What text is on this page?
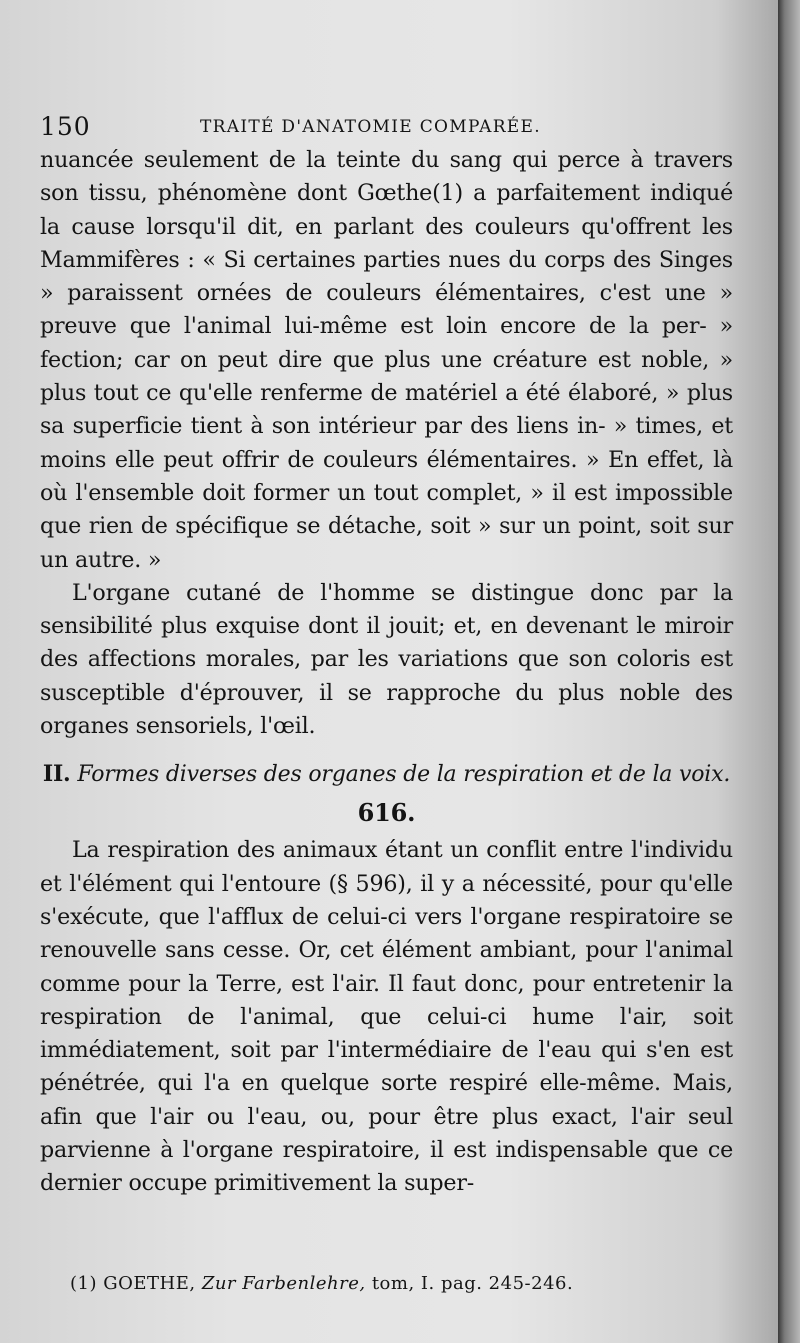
150	TRAITÉ D'ANATOMIE COMPARÉE.

nuancée seulement de la teinte du sang qui perce à travers son tissu, phénomène dont Gœthe(1) a parfaitement indiqué la cause lorsqu'il dit, en parlant des couleurs qu'offrent les Mammifères : « Si certaines parties nues du corps des Singes » paraissent ornées de couleurs élémentaires, c'est une » preuve que l'animal lui-même est loin encore de la per- » fection; car on peut dire que plus une créature est noble, » plus tout ce qu'elle renferme de matériel a été élaboré, » plus sa superficie tient à son intérieur par des liens in- » times, et moins elle peut offrir de couleurs élémentaires. » En effet, là où l'ensemble doit former un tout complet, » il est impossible que rien de spécifique se détache, soit » sur un point, soit sur un autre. »

L'organe cutané de l'homme se distingue donc par la sensibilité plus exquise dont il jouit; et, en devenant le miroir des affections morales, par les variations que son coloris est susceptible d'éprouver, il se rapproche du plus noble des organes sensoriels, l'œil.

II. Formes diverses des organes de la respiration et de la voix.
616.

La respiration des animaux étant un conflit entre l'individu et l'élément qui l'entoure (§ 596), il y a nécessité, pour qu'elle s'exécute, que l'afflux de celui-ci vers l'organe respiratoire se renouvelle sans cesse. Or, cet élément ambiant, pour l'animal comme pour la Terre, est l'air. Il faut donc, pour entretenir la respiration de l'animal, que celui-ci hume l'air, soit immédiatement, soit par l'intermédiaire de l'eau qui s'en est pénétrée, qui l'a en quelque sorte respiré elle-même. Mais, afin que l'air ou l'eau, ou, pour être plus exact, l'air seul parvienne à l'organe respiratoire, il est indispensable que ce dernier occupe primitivement la super-

(1) GOETHE, Zur Farbenlehre, tom, I. pag. 245-246.
